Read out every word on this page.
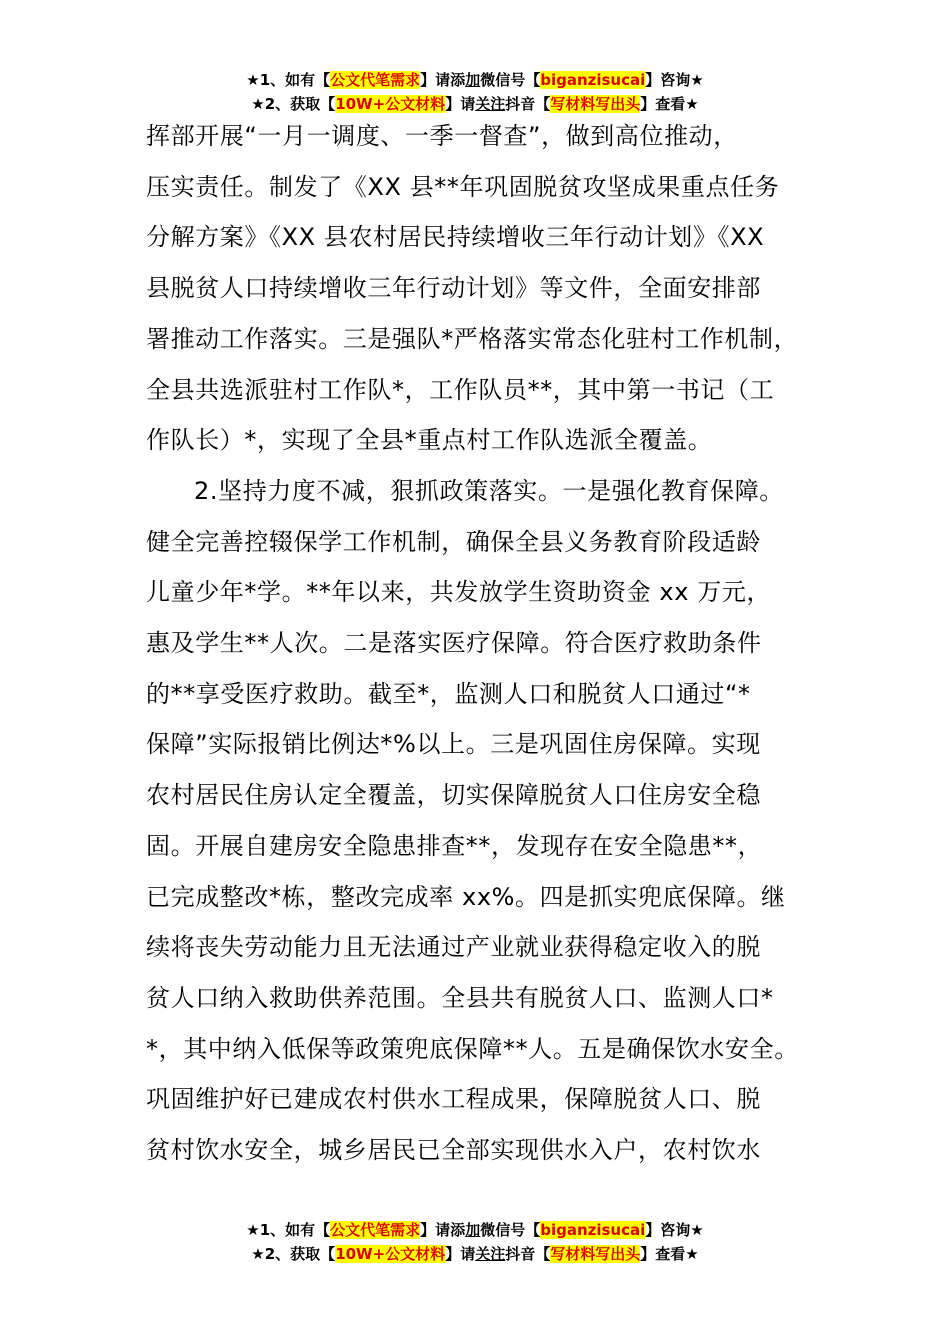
★1、如有【公文代笔需求】请添加微信号【biganzisucai】咨询★
★2、获取【10W+公文材料】请关注抖音【写材料写出头】查看★

挥部开展“一月一调度、一季一督查”，做到高位推动，
压实责任。制发了《XX 县**年巩固脱贫攻坚成果重点任务
分解方案》《XX 县农村居民持续增收三年行动计划》《XX
县脱贫人口持续增收三年行动计划》等文件，全面安排部
署推动工作落实。三是强队*严格落实常态化驻村工作机制，
全县共选派驻村工作队*，工作队员**，其中第一书记（工
作队长）*，实现了全县*重点村工作队选派全覆盖。

2.坚持力度不减，狠抓政策落实。一是强化教育保障。
健全完善控辍保学工作机制，确保全县义务教育阶段适龄
儿童少年*学。**年以来，共发放学生资助资金 xx 万元，
惠及学生**人次。二是落实医疗保障。符合医疗救助条件
的**享受医疗救助。截至*，监测人口和脱贫人口通过“*
保障”实际报销比例达*%以上。三是巩固住房保障。实现
农村居民住房认定全覆盖，切实保障脱贫人口住房安全稳
固。开展自建房安全隐患排查**，发现存在安全隐患**，
已完成整改*栋，整改完成率 xx%。四是抓实兜底保障。继
续将丧失劳动能力且无法通过产业就业获得稳定收入的脱
贫人口纳入救助供养范围。全县共有脱贫人口、监测人口*
*，其中纳入低保等政策兜底保障**人。五是确保饮水安全。
巩固维护好已建成农村供水工程成果，保障脱贫人口、脱
贫村饮水安全，城乡居民已全部实现供水入户，农村饮水

★1、如有【公文代笔需求】请添加微信号【biganzisucai】咨询★
★2、获取【10W+公文材料】请关注抖音【写材料写出头】查看★
